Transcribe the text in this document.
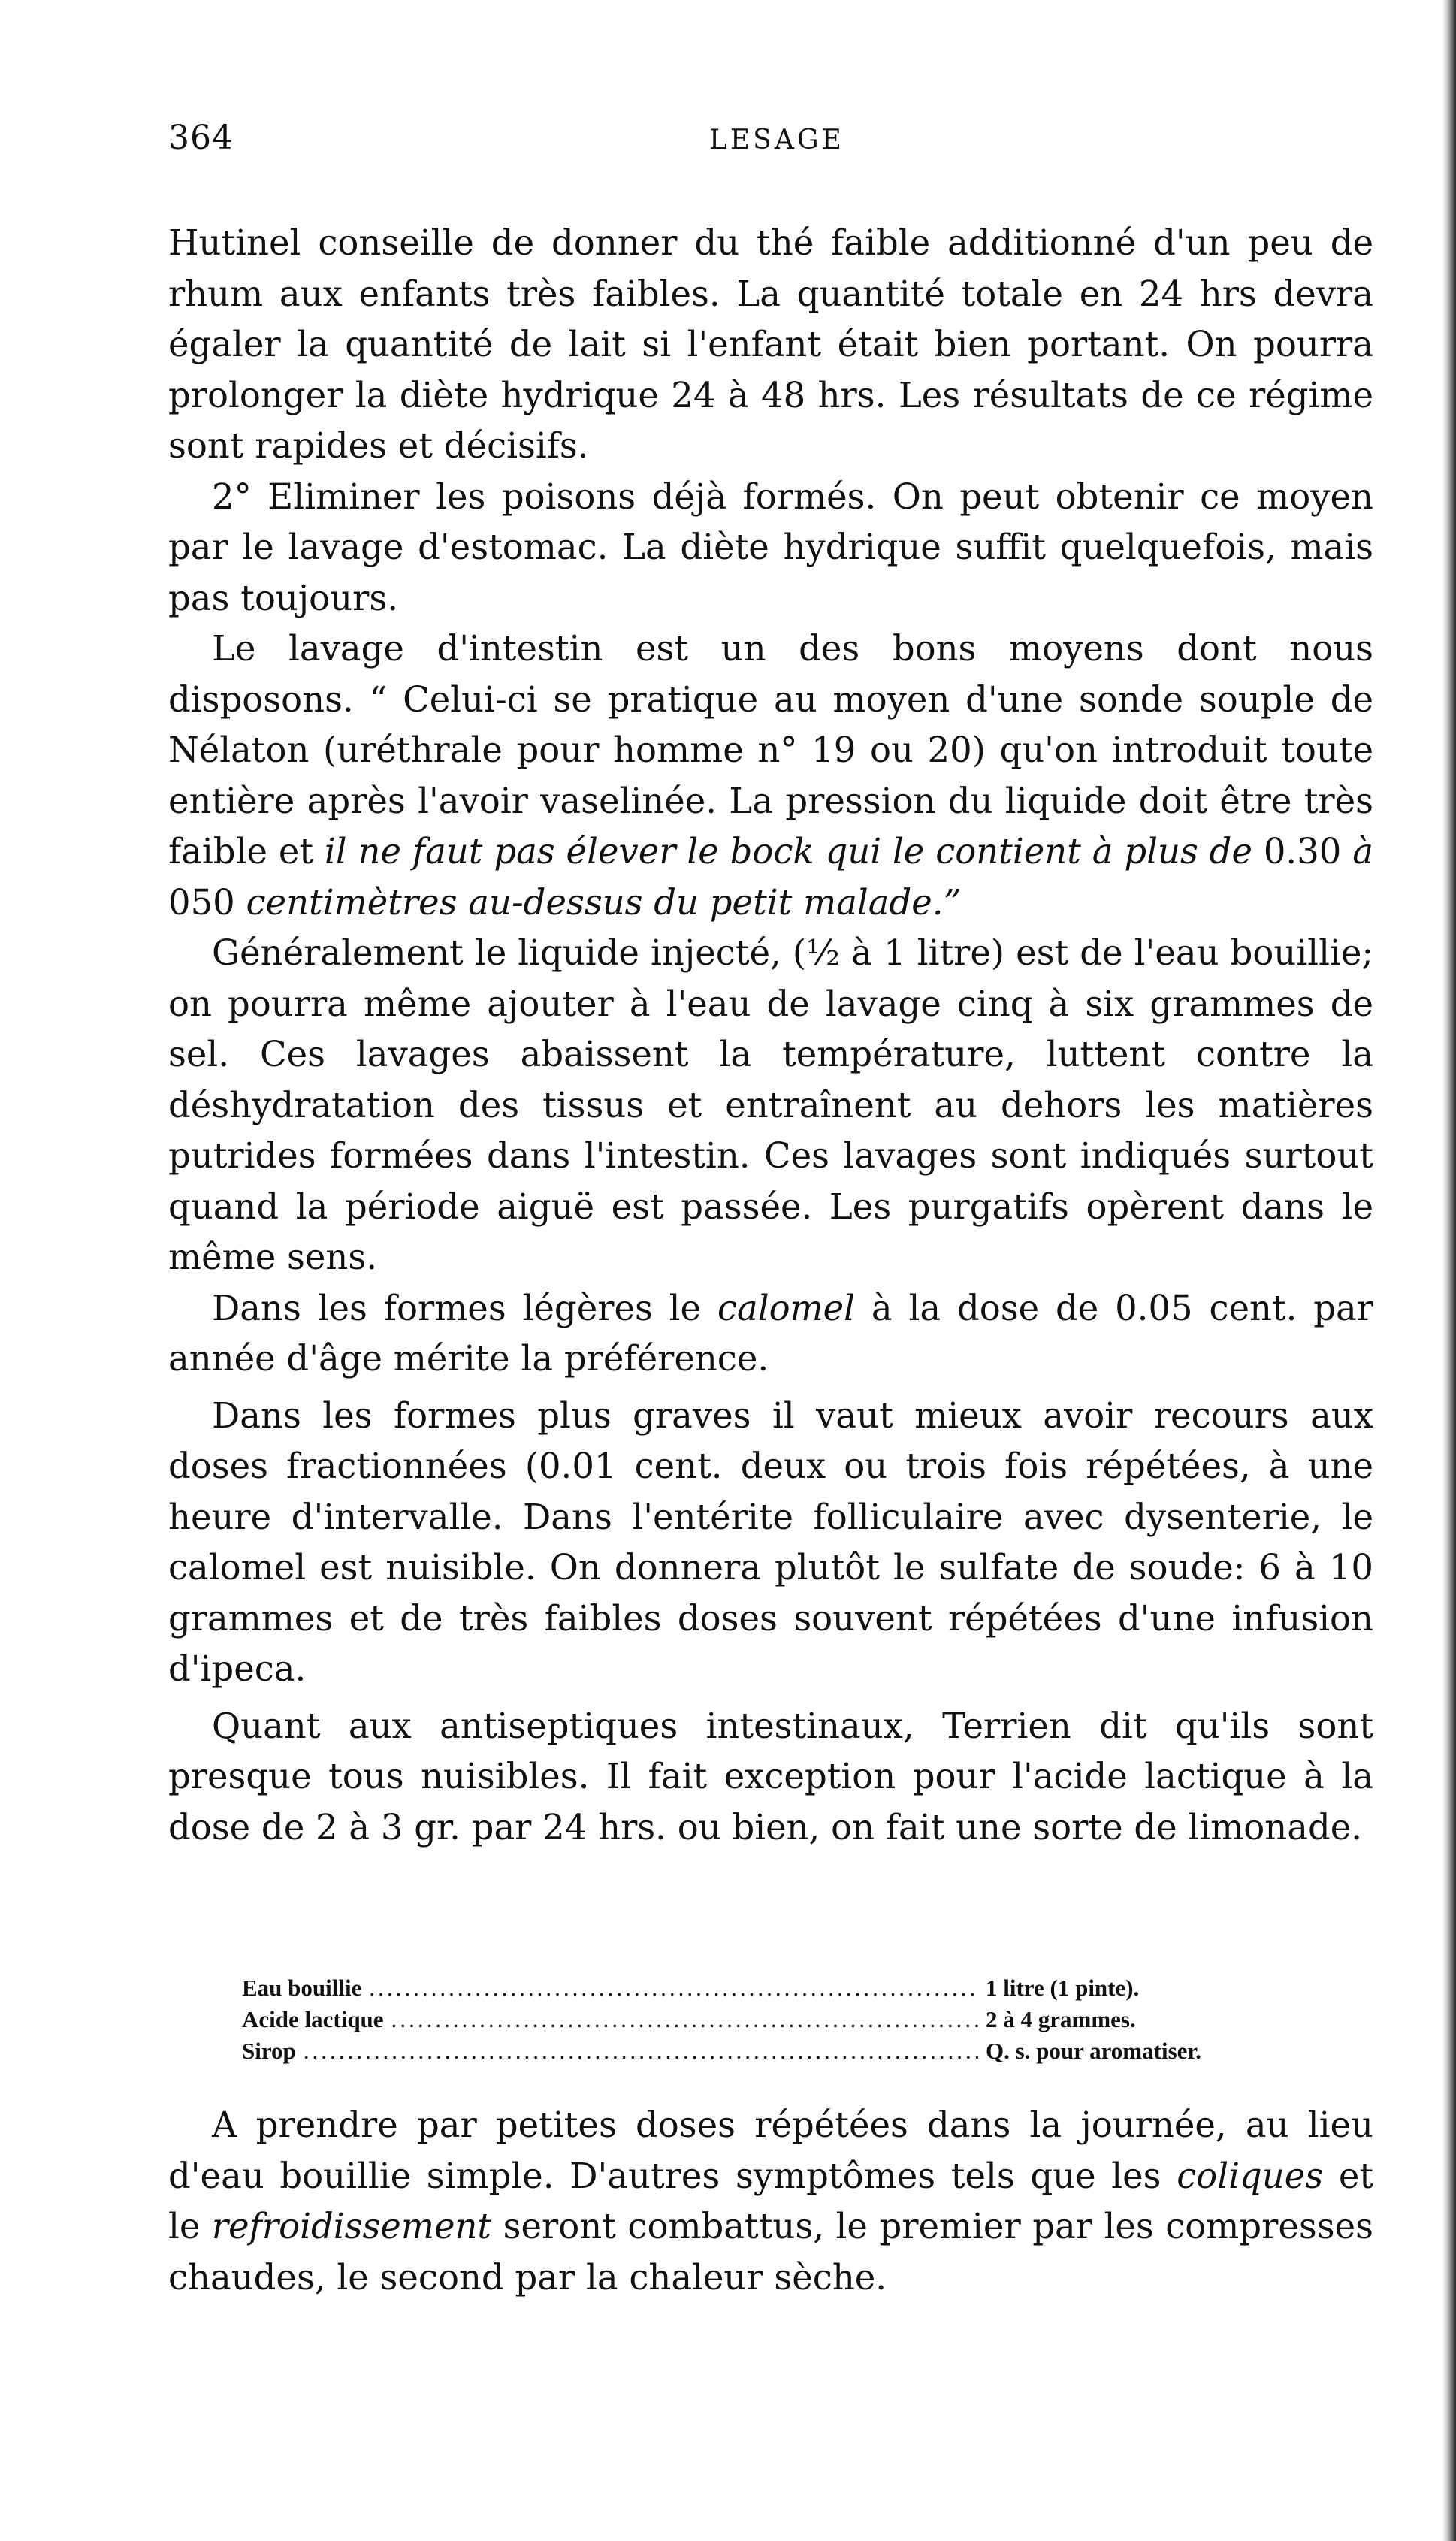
364	LESAGE

Hutinel conseille de donner du thé faible additionné d'un peu de rhum aux enfants très faibles. La quantité totale en 24 hrs devra égaler la quantité de lait si l'enfant était bien portant. On pourra prolonger la diète hydrique 24 à 48 hrs. Les résultats de ce régime sont rapides et décisifs.

2° Eliminer les poisons déjà formés. On peut obtenir ce moyen par le lavage d'estomac. La diète hydrique suffit quelquefois, mais pas toujours.

Le lavage d'intestin est un des bons moyens dont nous disposons. “ Celui-ci se pratique au moyen d'une sonde souple de Nélaton (uréthrale pour homme n° 19 ou 20) qu'on introduit toute entière après l'avoir vaselinée. La pression du liquide doit être très faible et il ne faut pas élever le bock qui le contient à plus de 0.30 à 050 centimètres au-dessus du petit malade.”

Généralement le liquide injecté, (½ à 1 litre) est de l'eau bouillie; on pourra même ajouter à l'eau de lavage cinq à six grammes de sel. Ces lavages abaissent la température, luttent contre la déshydratation des tissus et entraînent au dehors les matières putrides formées dans l'intestin. Ces lavages sont indiqués surtout quand la période aiguë est passée. Les purgatifs opèrent dans le même sens.

Dans les formes légères le calomel à la dose de 0.05 cent. par année d'âge mérite la préférence.

Dans les formes plus graves il vaut mieux avoir recours aux doses fractionnées (0.01 cent. deux ou trois fois répétées, à une heure d'intervalle. Dans l'entérite folliculaire avec dysenterie, le calomel est nuisible. On donnera plutôt le sulfate de soude: 6 à 10 grammes et de très faibles doses souvent répétées d'une infusion d'ipeca.

Quant aux antiseptiques intestinaux, Terrien dit qu'ils sont presque tous nuisibles. Il fait exception pour l'acide lactique à la dose de 2 à 3 gr. par 24 hrs. ou bien, on fait une sorte de limonade.

Eau bouillie .....	1 litre (1 pinte).
Acide lactique .....	2 à 4 grammes.
Sirop .....	Q. s. pour aromatiser.

A prendre par petites doses répétées dans la journée, au lieu d'eau bouillie simple. D'autres symptômes tels que les coliques et le refroidissement seront combattus, le premier par les compresses chaudes, le second par la chaleur sèche.
